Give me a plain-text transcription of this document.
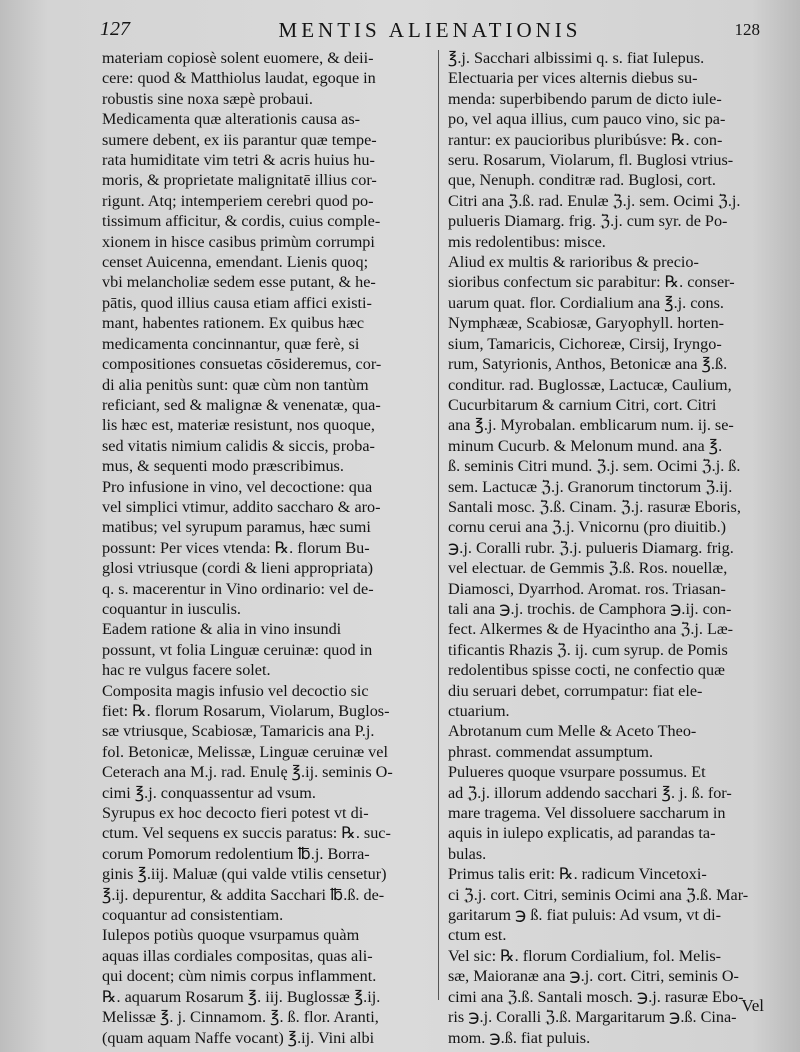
127	MENTIS ALIENATIONIS	128
materiam copiosè solent euomere, & deii-
cere: quod & Matthiolus laudat, egoque in
robustis sine noxa sæpè probaui.
Medicamenta quæ alterationis causa as-
sumere debent, ex iis parantur quæ tempe-
rata humiditate vim tetri & acris huius hu-
moris, & proprietate malignitatē illius cor-
rigunt. Atq; intemperiem cerebri quod po-
tissimum afficitur, & cordis, cuius comple-
xionem in hisce casibus primùm corrumpi
censet Auicenna, emendant. Lienis quoq;
vbi melancholiæ sedem esse putant, & he-
pātis, quod illius causa etiam affici existi-
mant, habentes rationem. Ex quibus hæc
medicamenta concinnantur, quæ ferè, si
compositiones consuetas cōsideremus, cor-
di alia penitùs sunt: quæ cùm non tantùm
reficiant, sed & malignæ & venenatæ, qua-
lis hæc est, materiæ resistunt, nos quoque,
sed vitatis nimium calidis & siccis, proba-
mus, & sequenti modo præscribimus.
Pro infusione in vino, vel decoctione: qua
vel simplici vtimur, addito saccharo & aro-
matibus; vel syrupum paramus, hæc sumi
possunt: Per vices vtenda: ℞. florum Bu-
glosi vtriusque (cordi & lieni appropriata)
q. s. macerentur in Vino ordinario: vel de-
coquantur in iusculis.
Eadem ratione & alia in vino insundi
possunt, vt folia Linguæ ceruinæ: quod in
hac re vulgus facere solet.
Composita magis infusio vel decoctio sic
fiet: ℞. florum Rosarum, Violarum, Buglos-
sæ vtriusque, Scabiosæ, Tamaricis ana P.j.
fol. Betonicæ, Melissæ, Linguæ ceruinæ vel
Ceterach ana M.j. rad. Enulę ℥.ij. seminis O-
cimi ℥.j. conquassentur ad vsum.
Syrupus ex hoc decocto fieri potest vt di-
ctum. Vel sequens ex succis paratus: ℞. suc-
corum Pomorum redolentium ℔.j. Borra-
ginis ℥.iij. Maluæ (qui valde vtilis censetur)
℥.ij. depurentur, & addita Sacchari ℔.ß. de-
coquantur ad consistentiam.
Iulepos potiùs quoque vsurpamus quàm
aquas illas cordiales compositas, quas ali-
qui docent; cùm nimis corpus inflamment.
℞. aquarum Rosarum ℥. iij. Buglossæ ℥.ij.
Melissæ ℥. j. Cinnamom. ℥. ß. flor. Aranti,
(quam aquam Naffe vocant) ℥.ij. Vini albi
℥.j. Sacchari albissimi q. s. fiat Iulepus.
Electuaria per vices alternis diebus su-
menda: superbibendo parum de dicto iule-
po, vel aqua illius, cum pauco vino, sic pa-
rantur: ex paucioribus pluribúsve: ℞. con-
seru. Rosarum, Violarum, fl. Buglosi vtrius-
que, Nenuph. conditræ rad. Buglosi, cort.
Citri ana ℨ.ß. rad. Enulæ ℨ.j. sem. Ocimi ℨ.j.
pulueris Diamarg. frig. ℨ.j. cum syr. de Po-
mis redolentibus: misce.
Aliud ex multis & rarioribus & precio-
sioribus confectum sic parabitur: ℞. conser-
uarum quat. flor. Cordialium ana ℥.j. cons.
Nymphææ, Scabiosæ, Garyophyll. horten-
sium, Tamaricis, Cichoreæ, Cirsij, Iryngo-
rum, Satyrionis, Anthos, Betonicæ ana ℥.ß.
conditur. rad. Buglossæ, Lactucæ, Caulium,
Cucurbitarum & carnium Citri, cort. Citri
ana ℥.j. Myrobalan. emblicarum num. ij. se-
minum Cucurb. & Melonum mund. ana ℥.
ß. seminis Citri mund. ℨ.j. sem. Ocimi ℨ.j. ß.
sem. Lactucæ ℨ.j. Granorum tinctorum ℨ.ij.
Santali mosc. ℨ.ß. Cinam. ℨ.j. rasuræ Eboris,
cornu cerui ana ℨ.j. Vnicornu (pro diuitib.)
℈.j. Coralli rubr. ℨ.j. pulueris Diamarg. frig.
vel electuar. de Gemmis ℨ.ß. Ros. nouellæ,
Diamosci, Dyarrhod. Aromat. ros. Triasan-
tali ana ℈.j. trochis. de Camphora ℈.ij. con-
fect. Alkermes & de Hyacintho ana ℨ.j. Læ-
tificantis Rhazis ℨ. ij. cum syrup. de Pomis
redolentibus spisse cocti, ne confectio quæ
diu seruari debet, corrumpatur: fiat ele-
ctuarium.
Abrotanum cum Melle & Aceto Theo-
phrast. commendat assumptum.
Pulueres quoque vsurpare possumus. Et
ad ℨ.j. illorum addendo sacchari ℥. j. ß. for-
mare tragema. Vel dissoluere saccharum in
aquis in iulepo explicatis, ad parandas ta-
bulas.
Primus talis erit: ℞. radicum Vincetoxi-
ci ℨ.j. cort. Citri, seminis Ocimi ana ℨ.ß. Mar-
garitarum ℈ ß. fiat puluis: Ad vsum, vt di-
ctum est.
Vel sic: ℞. florum Cordialium, fol. Melis-
sæ, Maioranæ ana ℈.j. cort. Citri, seminis O-
cimi ana ℨ.ß. Santali mosch. ℈.j. rasuræ Ebo-
ris ℈.j. Coralli ℨ.ß. Margaritarum ℈.ß. Cina-
mom. ℈.ß. fiat puluis.
Vel
